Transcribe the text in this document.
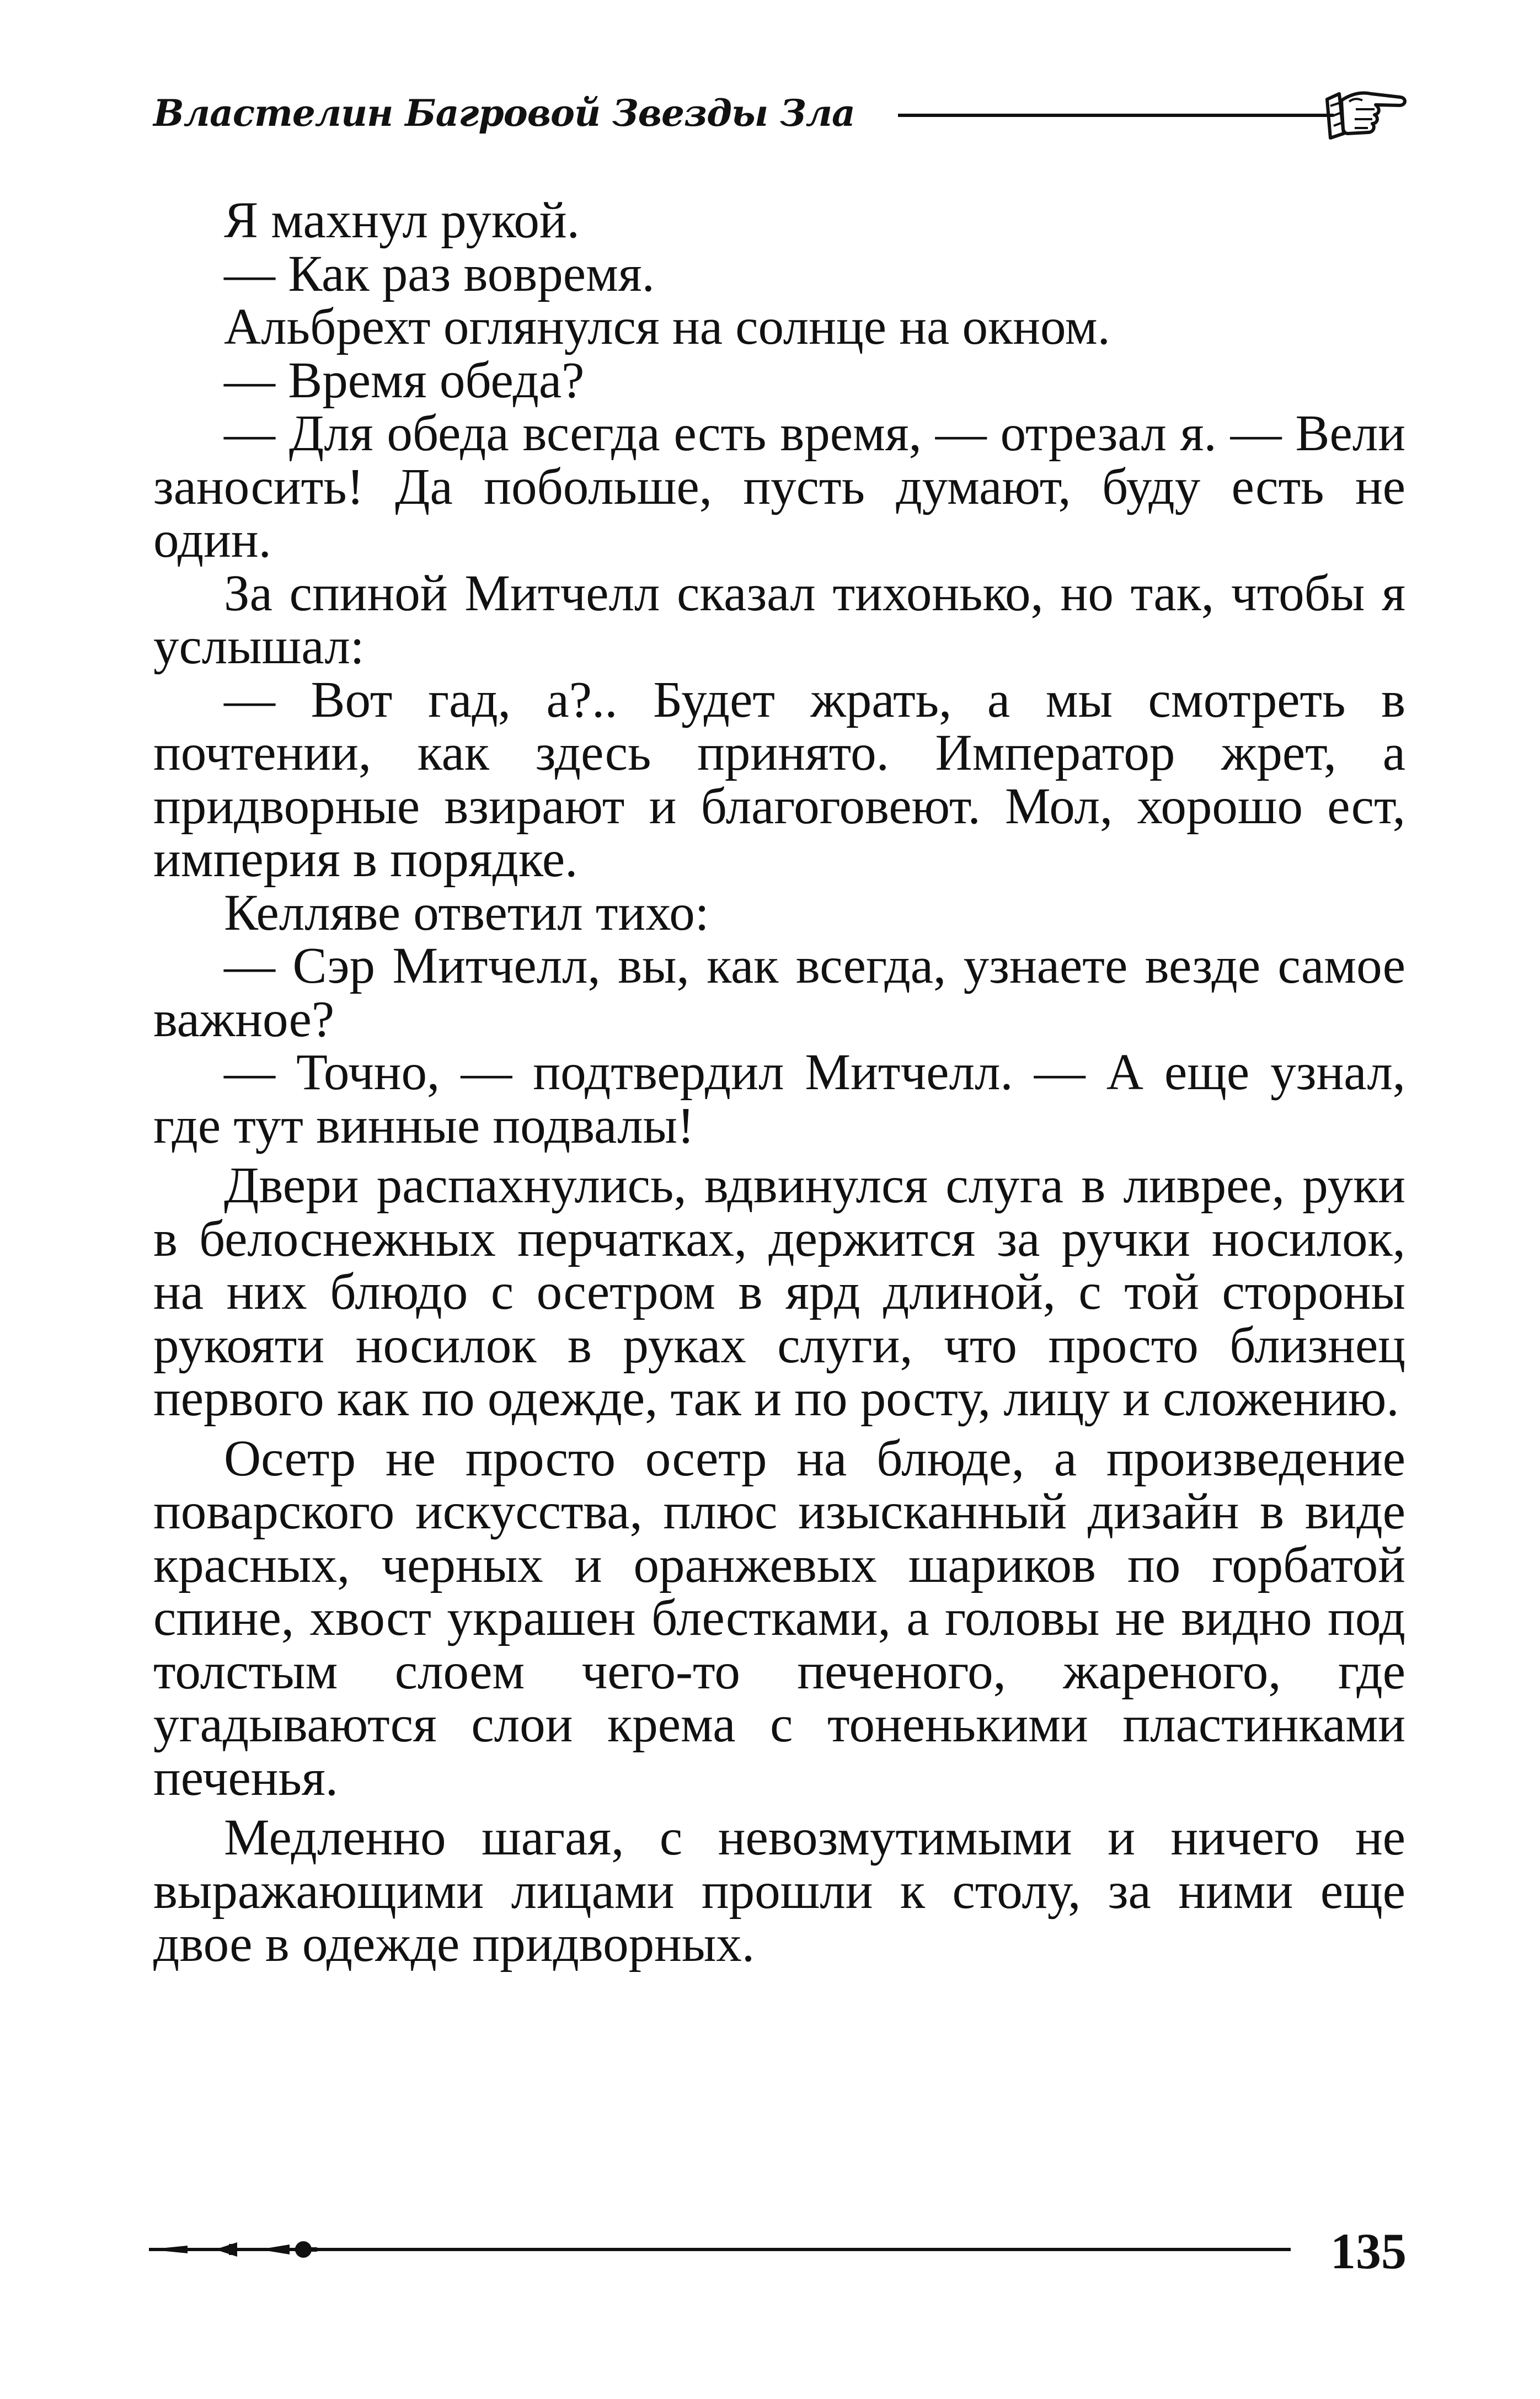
Властелин Багровой Звезды Зла

Я махнул рукой.

— Как раз вовремя.

Альбрехт оглянулся на солнце на окном.

— Время обеда?

— Для обеда всегда есть время, — отрезал я. — Вели заносить! Да побольше, пусть думают, буду есть не один.

За спиной Митчелл сказал тихонько, но так, чтобы я услышал:

— Вот гад, а?.. Будет жрать, а мы смотреть в почтении, как здесь принято. Император жрет, а придворные взирают и благоговеют. Мол, хорошо ест, империя в порядке.

Келляве ответил тихо:

— Сэр Митчелл, вы, как всегда, узнаете везде самое важное?

— Точно, — подтвердил Митчелл. — А еще узнал, где тут винные подвалы!

Двери распахнулись, вдвинулся слуга в ливрее, руки в белоснежных перчатках, держится за ручки носилок, на них блюдо с осетром в ярд длиной, с той стороны рукояти носилок в руках слуги, что просто близнец первого как по одежде, так и по росту, лицу и сложению.

Осетр не просто осетр на блюде, а произведение поварского искусства, плюс изысканный дизайн в виде красных, черных и оранжевых шариков по горбатой спине, хвост украшен блестками, а головы не видно под толстым слоем чего-то печеного, жареного, где угадываются слои крема с тоненькими пластинками печенья.

Медленно шагая, с невозмутимыми и ничего не выражающими лицами прошли к столу, за ними еще двое в одежде придворных.

135
